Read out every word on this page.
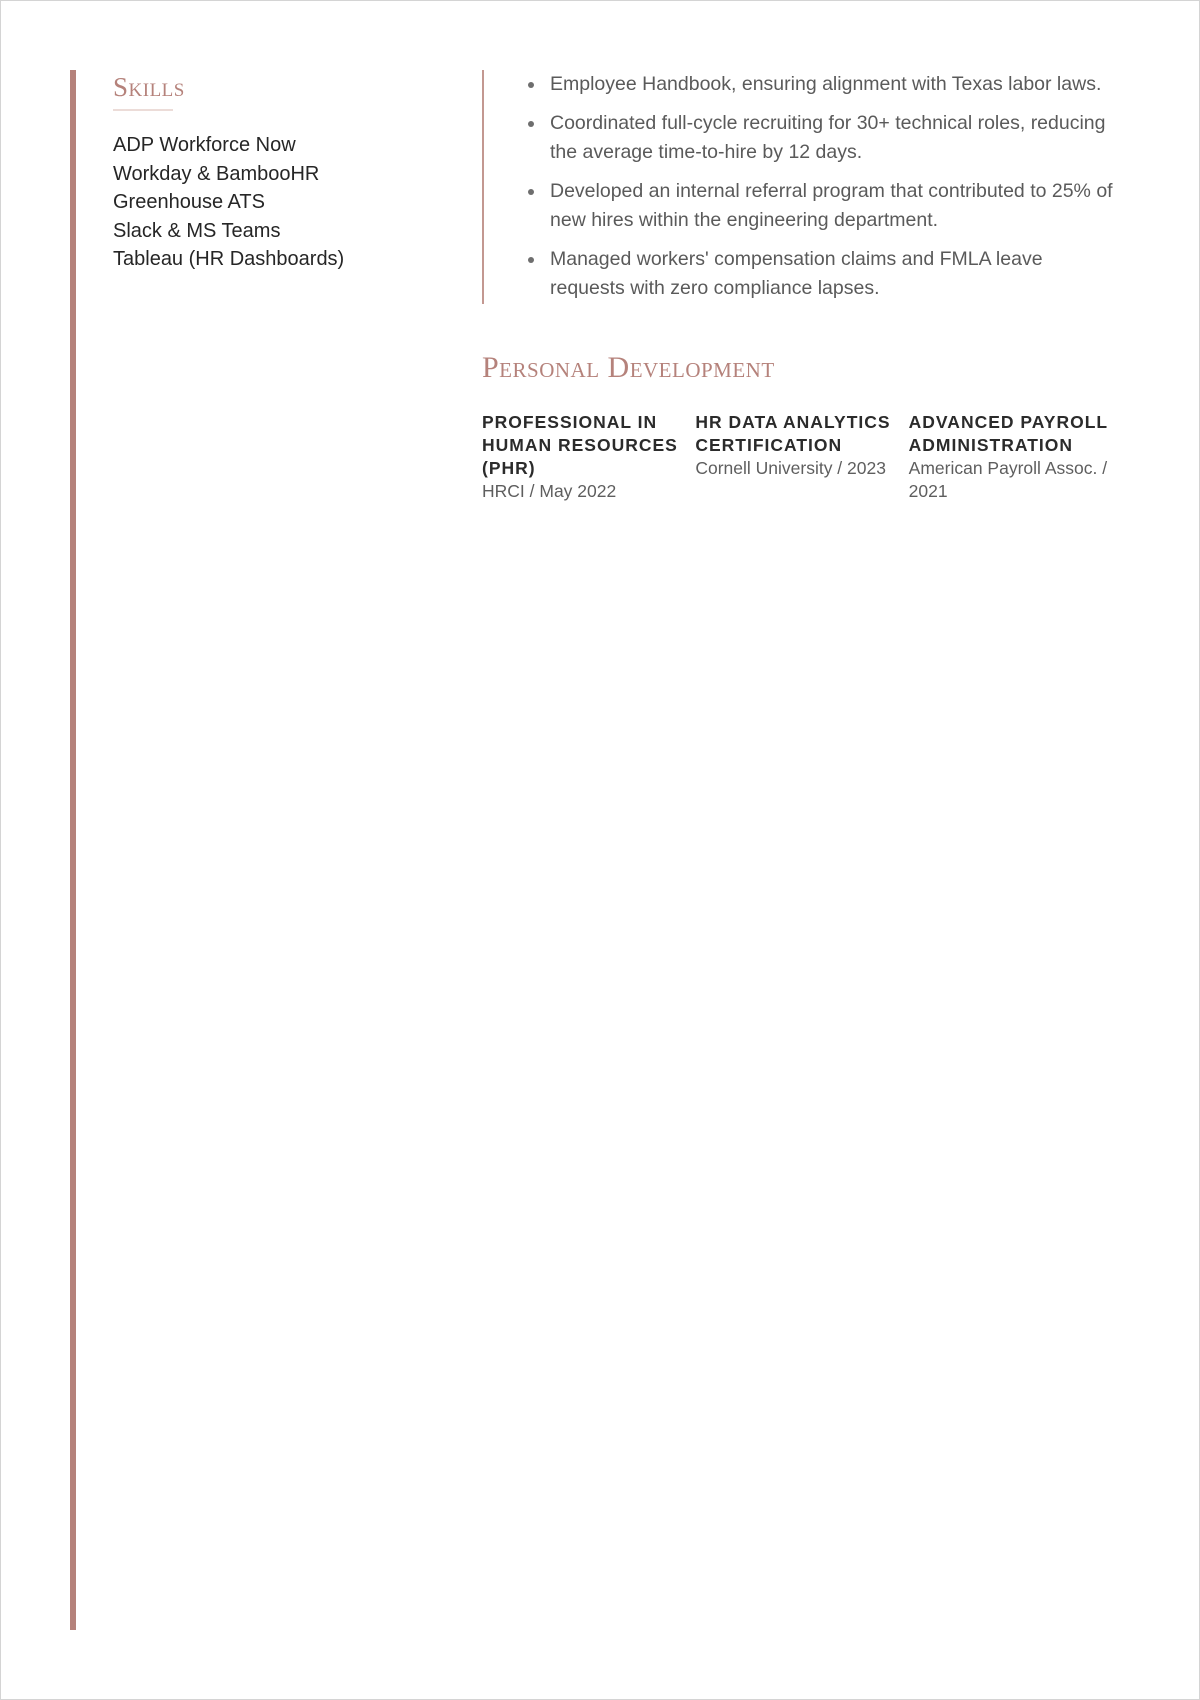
Skills
ADP Workforce Now
Workday & BambooHR
Greenhouse ATS
Slack & MS Teams
Tableau (HR Dashboards)
Employee Handbook, ensuring alignment with Texas labor laws.
Coordinated full-cycle recruiting for 30+ technical roles, reducing the average time-to-hire by 12 days.
Developed an internal referral program that contributed to 25% of new hires within the engineering department.
Managed workers' compensation claims and FMLA leave requests with zero compliance lapses.
Personal Development
PROFESSIONAL IN HUMAN RESOURCES (PHR)
HRCI / May 2022
HR DATA ANALYTICS CERTIFICATION
Cornell University / 2023
ADVANCED PAYROLL ADMINISTRATION
American Payroll Assoc. / 2021
